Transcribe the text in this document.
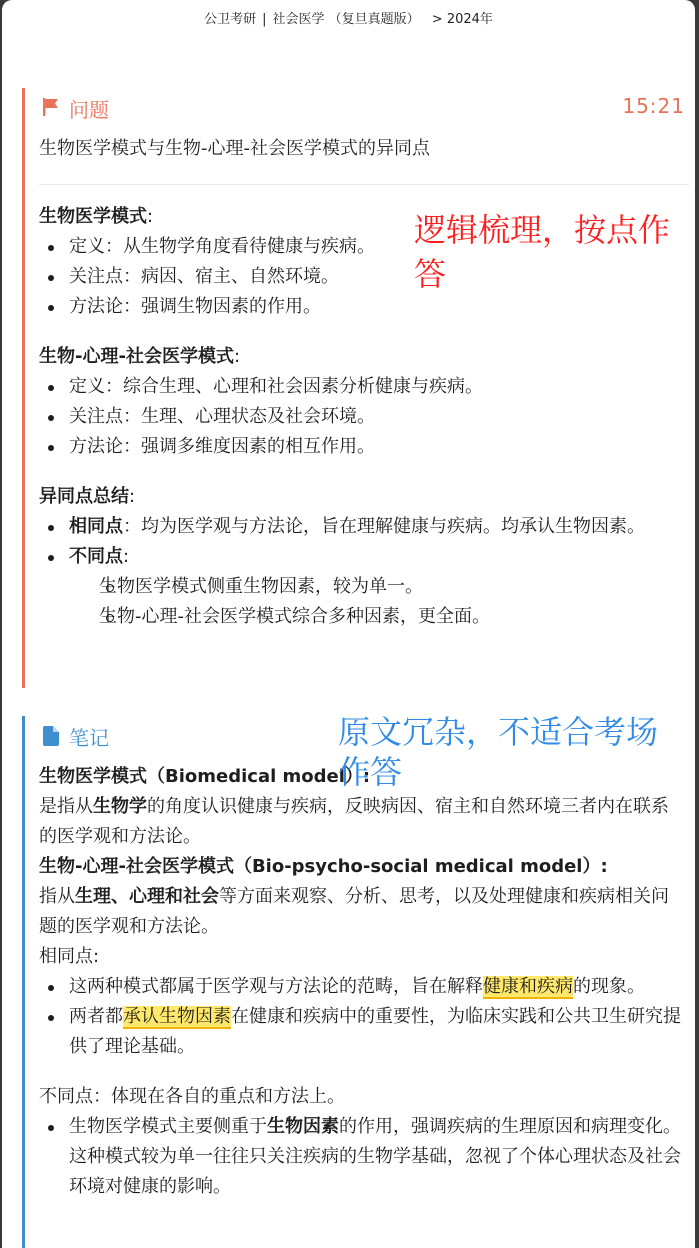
公卫考研 | 社会医学 （复旦真题版） > 2024年
问题	15:21
生物医学模式与生物-心理-社会医学模式的异同点
生物医学模式:
定义：从生物学角度看待健康与疾病。
关注点：病因、宿主、自然环境。
方法论：强调生物因素的作用。
生物-心理-社会医学模式:
定义：综合生理、心理和社会因素分析健康与疾病。
关注点：生理、心理状态及社会环境。
方法论：强调多维度因素的相互作用。
异同点总结:
相同点：均为医学观与方法论，旨在理解健康与疾病。均承认生物因素。
不同点:
生物医学模式侧重生物因素，较为单一。
生物-心理-社会医学模式综合多种因素，更全面。
逻辑梳理，按点作答
笔记
生物医学模式（Biomedical model）:
是指从生物学的角度认识健康与疾病，反映病因、宿主和自然环境三者内在联系的医学观和方法论。
生物-心理-社会医学模式（Bio-psycho-social medical model）:
指从生理、心理和社会等方面来观察、分析、思考，以及处理健康和疾病相关问题的医学观和方法论。
相同点:
这两种模式都属于医学观与方法论的范畴，旨在解释健康和疾病的现象。
两者都承认生物因素在健康和疾病中的重要性，为临床实践和公共卫生研究提供了理论基础。
不同点：体现在各自的重点和方法上。
生物医学模式主要侧重于生物因素的作用，强调疾病的生理原因和病理变化。这种模式较为单一往往只关注疾病的生物学基础，忽视了个体心理状态及社会环境对健康的影响。
原文冗杂，不适合考场作答
